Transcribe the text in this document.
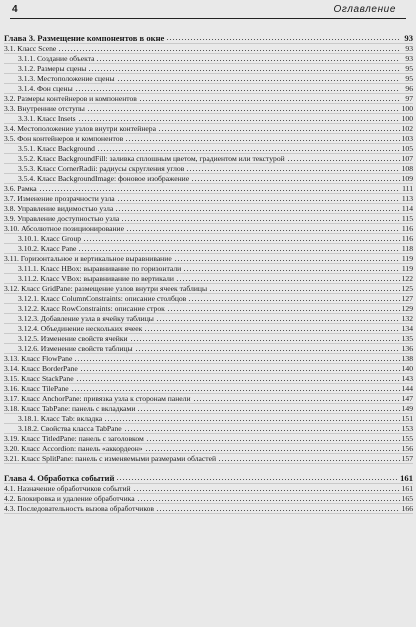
4	Оглавление
Глава 3. Размещение компонентов в окне	93
3.1. Класс Scene	93
3.1.1. Создание объекта	93
3.1.2. Размеры сцены	95
3.1.3. Местоположение сцены	95
3.1.4. Фон сцены	96
3.2. Размеры контейнеров и компонентов	97
3.3. Внутренние отступы	100
3.3.1. Класс Insets	100
3.4. Местоположение узлов внутри контейнера	102
3.5. Фон контейнеров и компонентов	103
3.5.1. Класс Background	105
3.5.2. Класс BackgroundFill: заливка сплошным цветом, градиентом или текстурой	107
3.5.3. Класс CornerRadii: радиусы скругления углов	108
3.5.4. Класс BackgroundImage: фоновое изображение	109
3.6. Рамка	111
3.7. Изменение прозрачности узла	113
3.8. Управление видимостью узла	114
3.9. Управление доступностью узла	115
3.10. Абсолютное позиционирование	116
3.10.1. Класс Group	116
3.10.2. Класс Pane	118
3.11. Горизонтальное и вертикальное выравнивание	119
3.11.1. Класс HBox: выравнивание по горизонтали	119
3.11.2. Класс VBox: выравнивание по вертикали	122
3.12. Класс GridPane: размещение узлов внутри ячеек таблицы	125
3.12.1. Класс ColumnConstraints: описание столбцов	127
3.12.2. Класс RowConstraints: описание строк	129
3.12.3. Добавление узла в ячейку таблицы	132
3.12.4. Объединение нескольких ячеек	134
3.12.5. Изменение свойств ячейки	135
3.12.6. Изменение свойств таблицы	136
3.13. Класс FlowPane	138
3.14. Класс BorderPane	140
3.15. Класс StackPane	143
3.16. Класс TilePane	144
3.17. Класс AnchorPane: привязка узла к сторонам панели	147
3.18. Класс TabPane: панель с вкладками	149
3.18.1. Класс Tab: вкладка	151
3.18.2. Свойства класса TabPane	153
3.19. Класс TitledPane: панель с заголовком	155
3.20. Класс Accordion: панель «аккордеон»	156
3.21. Класс SplitPane: панель с изменяемыми размерами областей	157
Глава 4. Обработка событий	161
4.1. Назначение обработчиков событий	161
4.2. Блокировка и удаление обработчика	165
4.3. Последовательность вызова обработчиков	166
